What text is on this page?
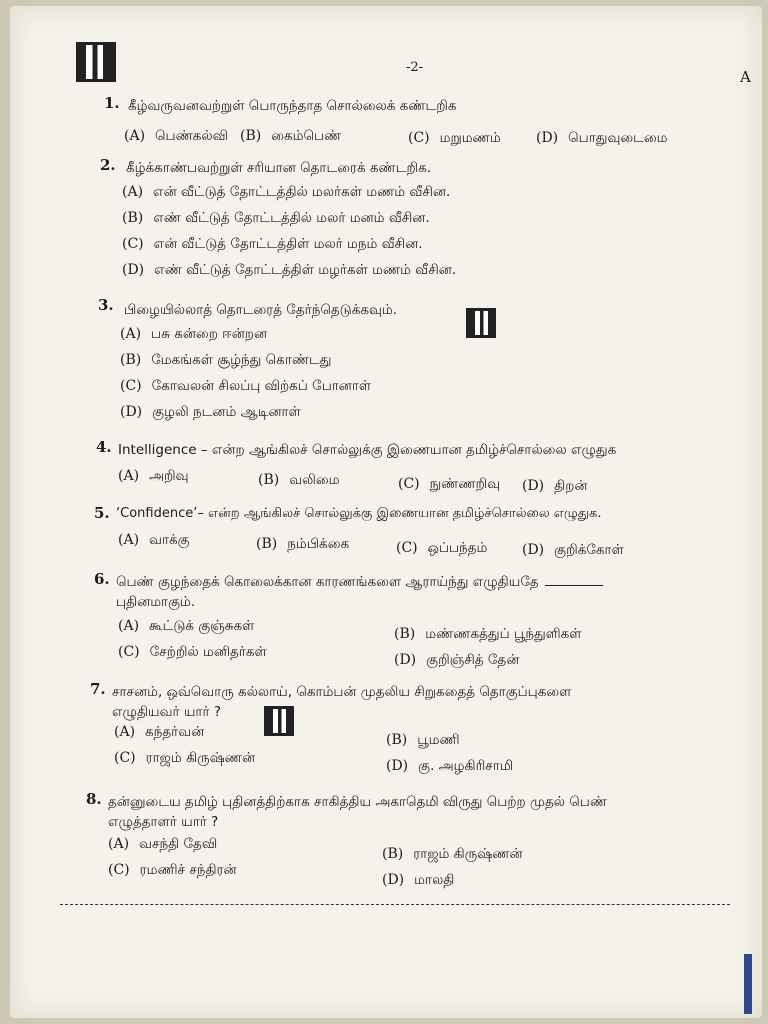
-2-
A
1. கீழ்வருவனவற்றுள் பொருந்தாத சொல்லைக் கண்டறிக
(A) பெண்கல்வி (B) கைம்பெண்	(C) மறுமணம்	(D) பொதுவுடைமை
2. கீழ்க்காண்பவற்றுள் சரியான தொடரைக் கண்டறிக.
(A) என் வீட்டுத் தோட்டத்தில் மலர்கள் மணம் வீசின.
(B) எண் வீட்டுத் தோட்டத்தில் மலர் மனம் வீசின.
(C) என் வீட்டுத் தோட்டத்திள் மலர் மநம் வீசின.
(D) எண் வீட்டுத் தோட்டத்திள் மழர்கள் மணம் வீசின.
3. பிழையில்லாத் தொடரைத் தேர்ந்தெடுக்கவும்.
(A) பசு கன்றை ஈன்றன
(B) மேகங்கள் சூழ்ந்து கொண்டது
(C) கோவலன் சிலப்பு விற்கப் போனாள்
(D) குழலி நடனம் ஆடினாள்
4. Intelligence – என்ற ஆங்கிலச் சொல்லுக்கு இணையான தமிழ்ச்சொல்லை எழுதுக
(A) அறிவு	(B) வலிமை	(C) நுண்ணறிவு (D) திறன்
5. ‘Confidence’– என்ற ஆங்கிலச் சொல்லுக்கு இணையான தமிழ்ச்சொல்லை எழுதுக.
(A) வாக்கு	(B) நம்பிக்கை	(C) ஒப்பந்தம் (D) குறிக்கோள்
6. பெண் குழந்தைக் கொலைக்கான காரணங்களை ஆராய்ந்து எழுதியதே
புதினமாகும்.
(A) கூட்டுக் குஞ்சுகள்	(B) மண்ணகத்துப் பூந்துளிகள்
(C) சேற்றில் மனிதர்கள்	(D) குறிஞ்சித் தேன்
7. சாசனம், ஒவ்வொரு கல்லாய், கொம்பன் முதலிய சிறுகதைத் தொகுப்புகளை
எழுதியவர் யார் ?
(A) கந்தர்வன்	(B) பூமணி
(C) ராஜம் கிருஷ்ணன்	(D) கு. அழகிரிசாமி
8. தன்னுடைய தமிழ் புதினத்திற்காக சாகித்திய அகாதெமி விருது பெற்ற முதல் பெண்
எழுத்தாளர் யார் ?
(A) வசந்தி தேவி
(B) ராஜம் கிருஷ்ணன்
(C) ரமணிச் சந்திரன்
(D) மாலதி
